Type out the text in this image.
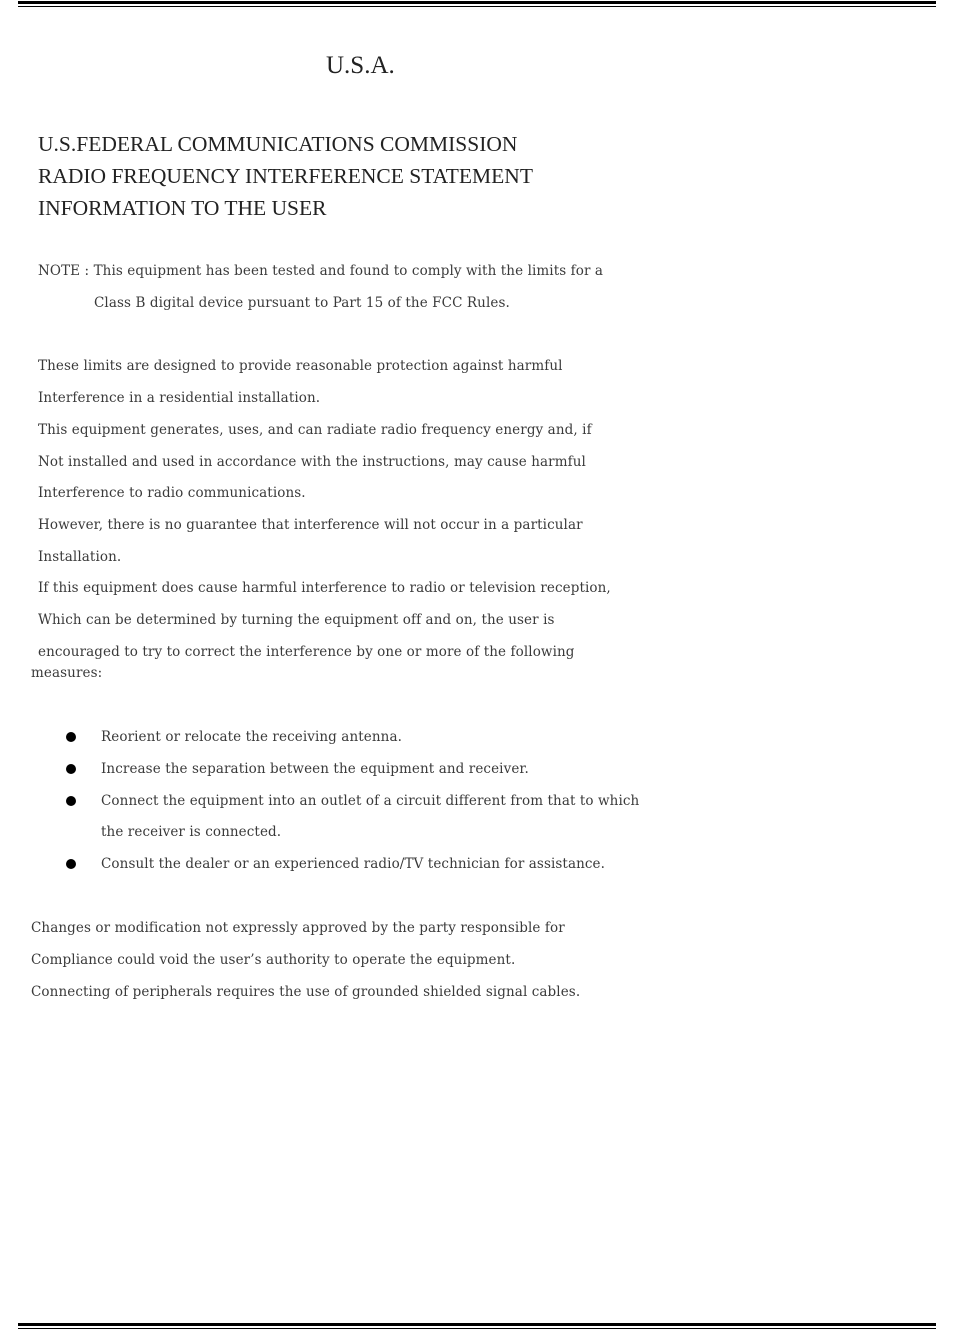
U.S.A.
U.S.FEDERAL COMMUNICATIONS COMMISSION
RADIO FREQUENCY INTERFERENCE STATEMENT
INFORMATION TO THE USER

NOTE : This equipment has been tested and found to comply with the limits for a

Class B digital device pursuant to Part 15 of the FCC Rules.

These limits are designed to provide reasonable protection against harmful

Interference in a residential installation.

This equipment generates, uses, and can radiate radio frequency energy and, if

Not installed and used in accordance with the instructions, may cause harmful

Interference to radio communications.

However, there is no guarantee that interference will not occur in a particular

Installation.

If this equipment does cause harmful interference to radio or television reception,

Which can be determined by turning the equipment off and on, the user is

encouraged to try to correct the interference by one or more of the following

measures:

Reorient or relocate the receiving antenna.

Increase the separation between the equipment and receiver.

Connect the equipment into an outlet of a circuit different from that to which

the receiver is connected.

Consult the dealer or an experienced radio/TV technician for assistance.

Changes or modification not expressly approved by the party responsible for

Compliance could void the user’s authority to operate the equipment.

Connecting of peripherals requires the use of grounded shielded signal cables.
